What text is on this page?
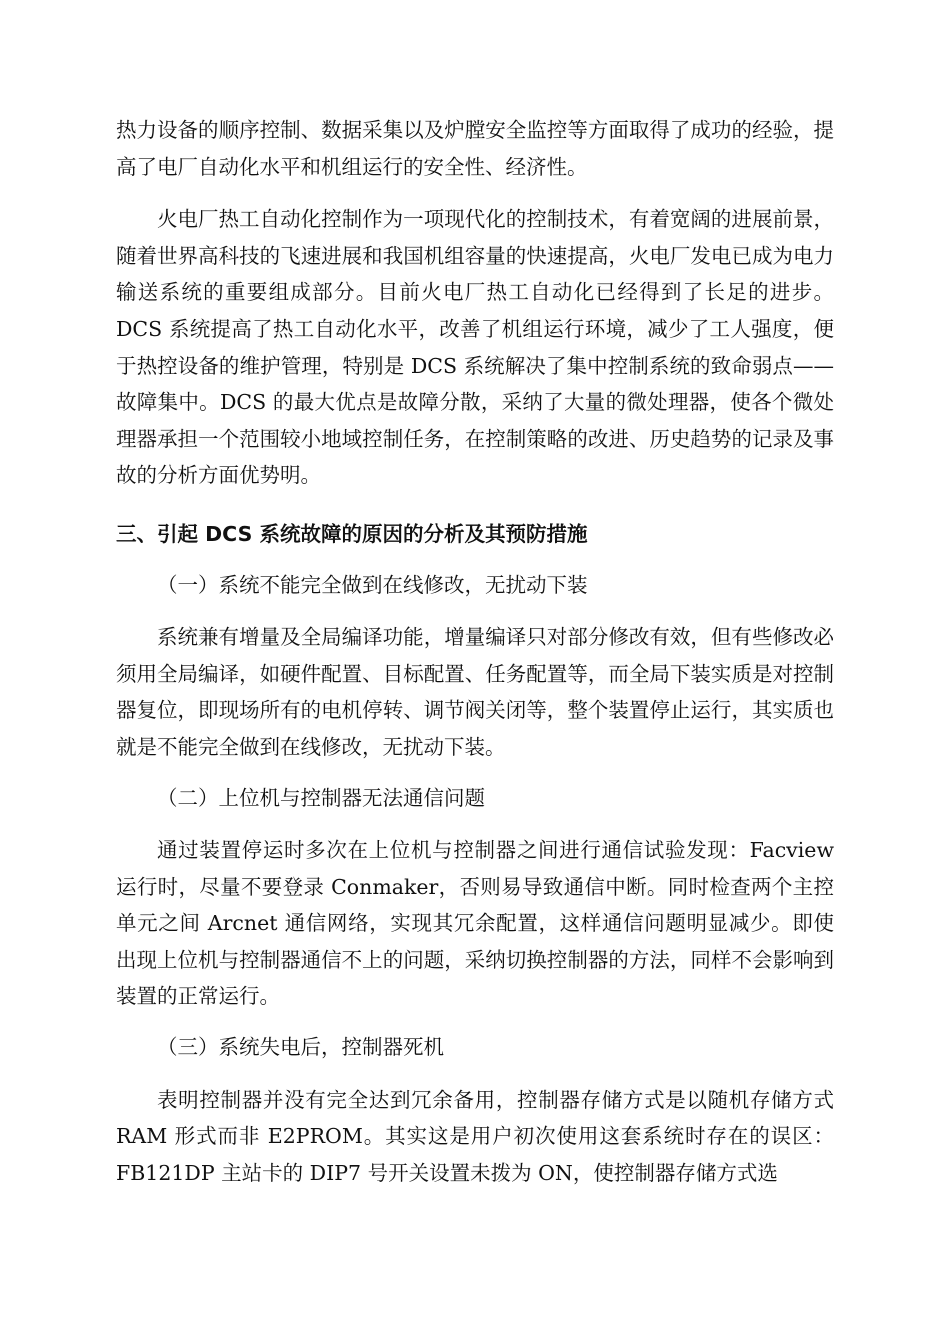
热力设备的顺序控制、数据采集以及炉膛安全监控等方面取得了成功的经验，提高了电厂自动化水平和机组运行的安全性、经济性。

火电厂热工自动化控制作为一项现代化的控制技术，有着宽阔的进展前景，随着世界高科技的飞速进展和我国机组容量的快速提高，火电厂发电已成为电力输送系统的重要组成部分。目前火电厂热工自动化已经得到了长足的进步。DCS 系统提高了热工自动化水平，改善了机组运行环境，减少了工人强度，便于热控设备的维护管理，特别是 DCS 系统解决了集中控制系统的致命弱点——故障集中。DCS 的最大优点是故障分散，采纳了大量的微处理器，使各个微处理器承担一个范围较小地域控制任务，在控制策略的改进、历史趋势的记录及事故的分析方面优势明。

三、引起 DCS 系统故障的原因的分析及其预防措施

（一）系统不能完全做到在线修改，无扰动下装

系统兼有增量及全局编译功能，增量编译只对部分修改有效，但有些修改必须用全局编译，如硬件配置、目标配置、任务配置等，而全局下装实质是对控制器复位，即现场所有的电机停转、调节阀关闭等，整个装置停止运行，其实质也就是不能完全做到在线修改，无扰动下装。

（二）上位机与控制器无法通信问题

通过装置停运时多次在上位机与控制器之间进行通信试验发现：Facview 运行时，尽量不要登录 Conmaker，否则易导致通信中断。同时检查两个主控单元之间 Arcnet 通信网络，实现其冗余配置，这样通信问题明显减少。即使出现上位机与控制器通信不上的问题，采纳切换控制器的方法，同样不会影响到装置的正常运行。

（三）系统失电后，控制器死机

表明控制器并没有完全达到冗余备用，控制器存储方式是以随机存储方式 RAM 形式而非 E2PROM。其实这是用户初次使用这套系统时存在的误区：FB121DP 主站卡的 DIP7 号开关设置未拨为 ON，使控制器存储方式选
